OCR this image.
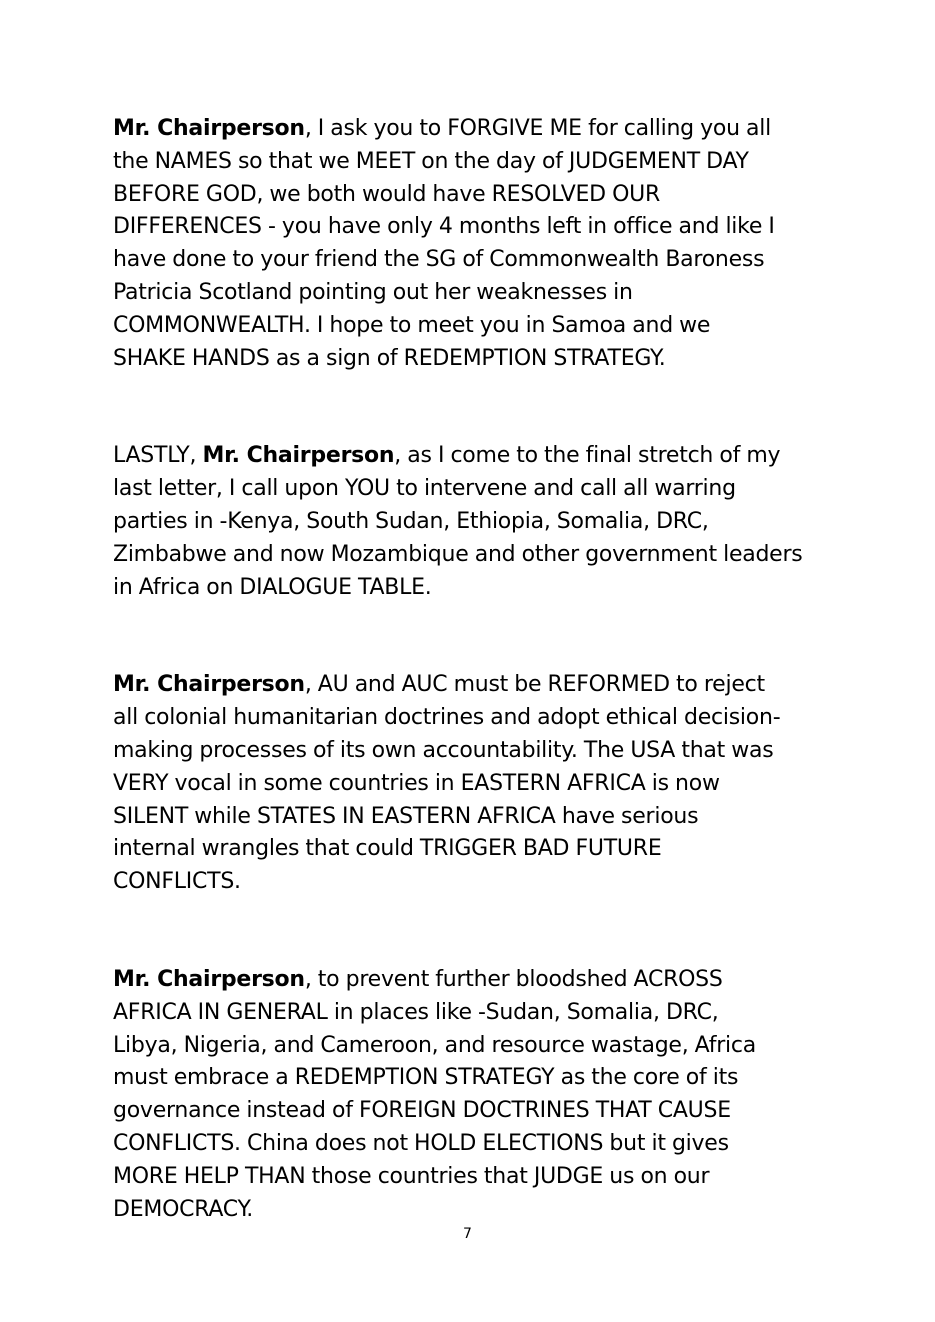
Mr. Chairperson, I ask you to FORGIVE ME for calling you all
the NAMES so that we MEET on the day of JUDGEMENT DAY
BEFORE GOD, we both would have RESOLVED OUR
DIFFERENCES - you have only 4 months left in office and like I
have done to your friend the SG of Commonwealth Baroness
Patricia Scotland pointing out her weaknesses in
COMMONWEALTH. I hope to meet you in Samoa and we
SHAKE HANDS as a sign of REDEMPTION STRATEGY.

LASTLY, Mr. Chairperson, as I come to the final stretch of my
last letter, I call upon YOU to intervene and call all warring
parties in -Kenya, South Sudan, Ethiopia, Somalia, DRC,
Zimbabwe and now Mozambique and other government leaders
in Africa on DIALOGUE TABLE.

Mr. Chairperson, AU and AUC must be REFORMED to reject
all colonial humanitarian doctrines and adopt ethical decision-
making processes of its own accountability. The USA that was
VERY vocal in some countries in EASTERN AFRICA is now
SILENT while STATES IN EASTERN AFRICA have serious
internal wrangles that could TRIGGER BAD FUTURE
CONFLICTS.

Mr. Chairperson, to prevent further bloodshed ACROSS
AFRICA IN GENERAL in places like -Sudan, Somalia, DRC,
Libya, Nigeria, and Cameroon, and resource wastage, Africa
must embrace a REDEMPTION STRATEGY as the core of its
governance instead of FOREIGN DOCTRINES THAT CAUSE
CONFLICTS. China does not HOLD ELECTIONS but it gives
MORE HELP THAN those countries that JUDGE us on our
DEMOCRACY.

7
